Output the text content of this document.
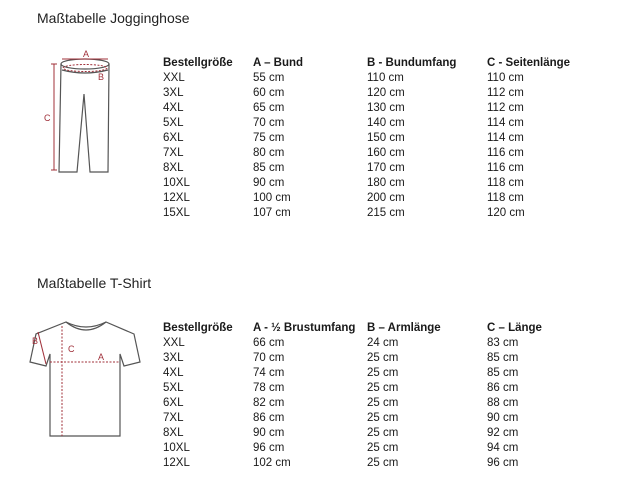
Maßtabelle Jogginghose
A
B
C
Bestellgröße	A – Bund	B - Bundumfang	C - Seitenlänge
XXL	55 cm	110 cm	110 cm
3XL	60 cm	120 cm	112 cm
4XL	65 cm	130 cm	112 cm
5XL	70 cm	140 cm	114 cm
6XL	75 cm	150 cm	114 cm
7XL	80 cm	160 cm	116 cm
8XL	85 cm	170 cm	116 cm
10XL	90 cm	180 cm	118 cm
12XL	100 cm	200 cm	118 cm
15XL	107 cm	215 cm	120 cm
Maßtabelle T-Shirt
A
B
C
Bestellgröße	A - ½ Brustumfang	B – Armlänge	C – Länge
XXL	66 cm	24 cm	83 cm
3XL	70 cm	25 cm	85 cm
4XL	74 cm	25 cm	85 cm
5XL	78 cm	25 cm	86 cm
6XL	82 cm	25 cm	88 cm
7XL	86 cm	25 cm	90 cm
8XL	90 cm	25 cm	92 cm
10XL	96 cm	25 cm	94 cm
12XL	102 cm	25 cm	96 cm
